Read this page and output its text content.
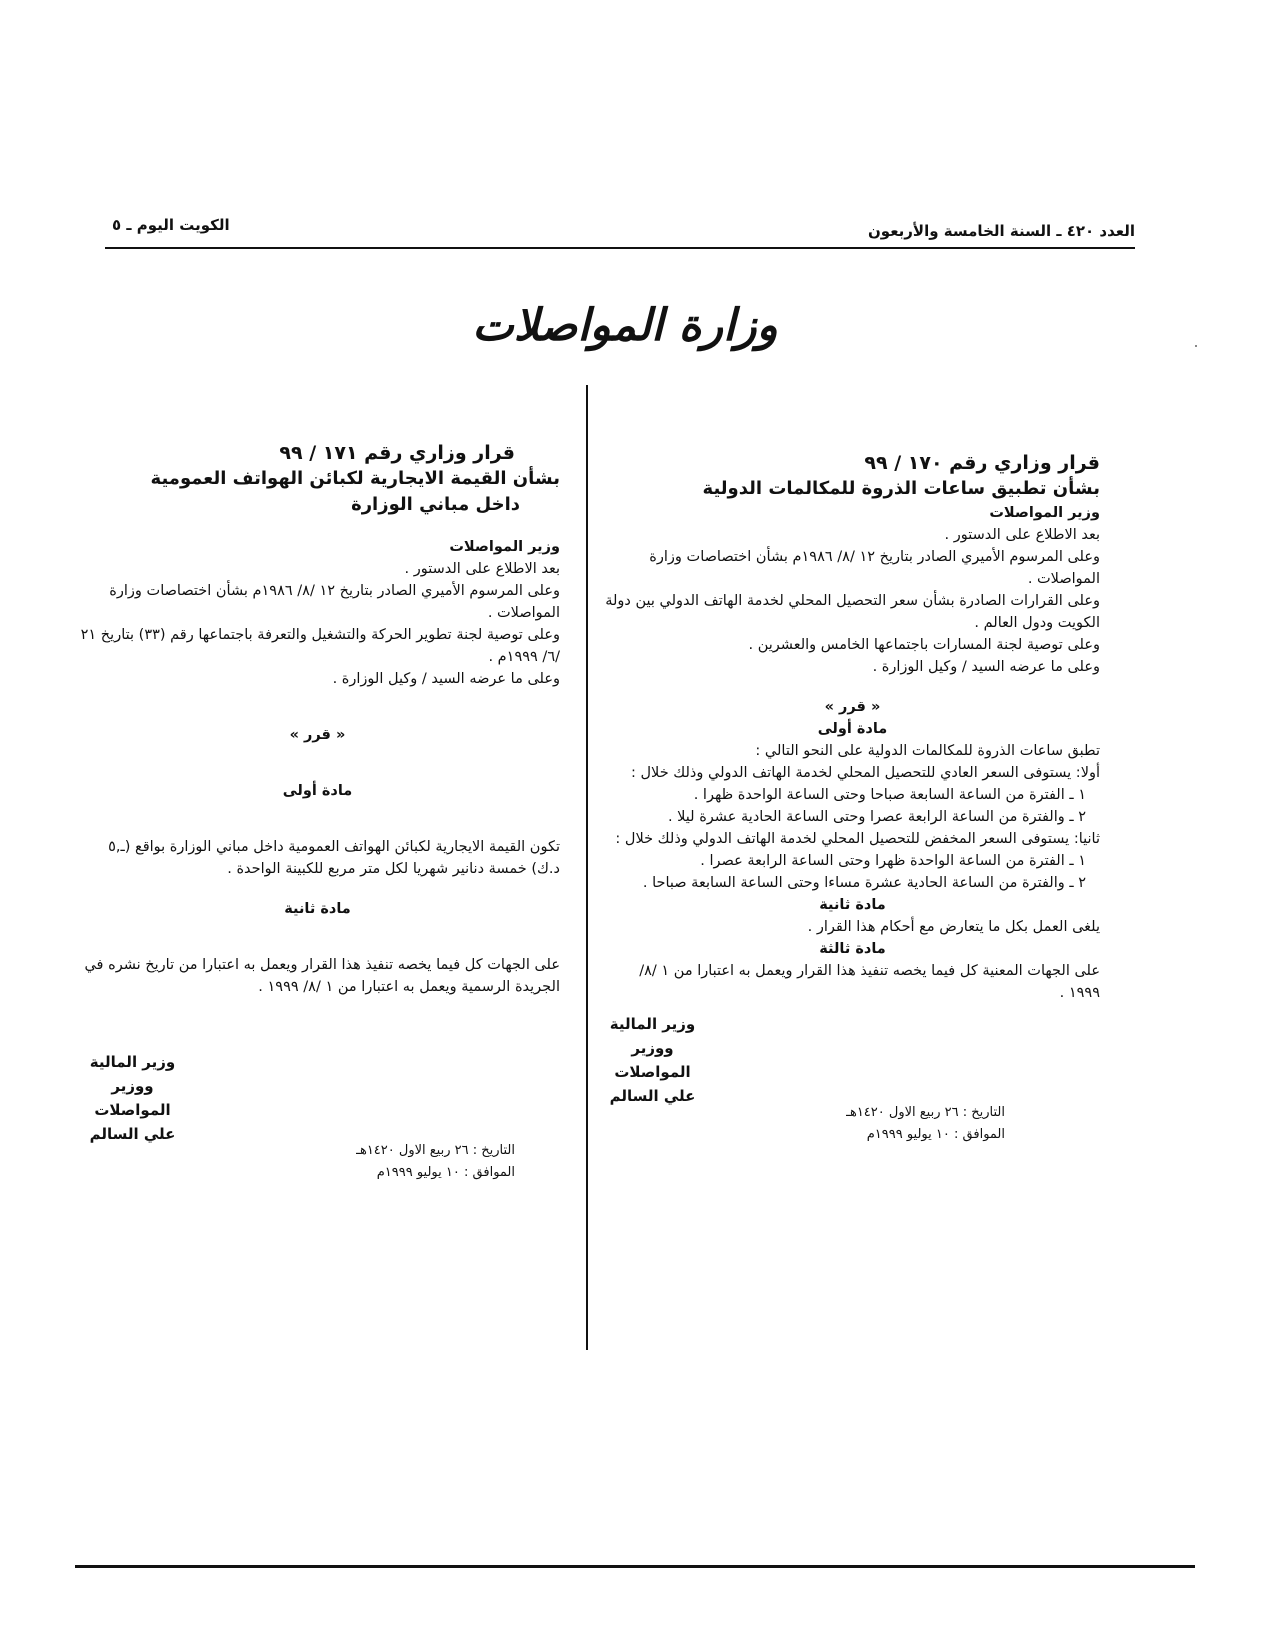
العدد ٤٢٠ ـ السنة الخامسة والأربعون
الكويت اليوم ـ ٥
وزارة المواصلات
قرار وزاري رقم ١٧٠ / ٩٩
بشأن تطبيق ساعات الذروة للمكالمات الدولية
وزير المواصلات

بعد الاطلاع على الدستور .

وعلى المرسوم الأميري الصادر بتاريخ ١٢ /٨/ ١٩٨٦م بشأن اختصاصات وزارة المواصلات .

وعلى القرارات الصادرة بشأن سعر التحصيل المحلي لخدمة الهاتف الدولي بين دولة الكويت ودول العالم .

وعلى توصية لجنة المسارات باجتماعها الخامس والعشرين .

وعلى ما عرضه السيد / وكيل الوزارة .

« قرر »
مادة أولى

تطبق ساعات الذروة للمكالمات الدولية على النحو التالي :

أولا: يستوفى السعر العادي للتحصيل المحلي لخدمة الهاتف الدولي وذلك خلال :

١ ـ الفترة من الساعة السابعة صباحا وحتى الساعة الواحدة ظهرا .

٢ ـ والفترة من الساعة الرابعة عصرا وحتى الساعة الحادية عشرة ليلا .

ثانيا: يستوفى السعر المخفض للتحصيل المحلي لخدمة الهاتف الدولي وذلك خلال :

١ ـ الفترة من الساعة الواحدة ظهرا وحتى الساعة الرابعة عصرا .

٢ ـ والفترة من الساعة الحادية عشرة مساءا وحتى الساعة السابعة صباحا .

مادة ثانية

يلغى العمل بكل ما يتعارض مع أحكام هذا القرار .

مادة ثالثة

على الجهات المعنية كل فيما يخصه تنفيذ هذا القرار ويعمل به اعتبارا من ١ /٨/ ١٩٩٩ .

وزير المالية
ووزير المواصلات
علي السالم
التاريخ : ٢٦ ربيع الاول ١٤٢٠هـ
الموافق : ١٠ يوليو ١٩٩٩م
قرار وزاري رقم ١٧١ / ٩٩
بشأن القيمة الايجارية لكبائن الهواتف العمومية
داخل مباني الوزارة
وزير المواصلات

بعد الاطلاع على الدستور .

وعلى المرسوم الأميري الصادر بتاريخ ١٢ /٨/ ١٩٨٦م بشأن اختصاصات وزارة المواصلات .

وعلى توصية لجنة تطوير الحركة والتشغيل والتعرفة باجتماعها رقم (٣٣) بتاريخ ٢١ /٦/ ١٩٩٩م .

وعلى ما عرضه السيد / وكيل الوزارة .

« قرر »
مادة أولى

تكون القيمة الايجارية لكبائن الهواتف العمومية داخل مباني الوزارة بواقع (ـ,٥ د.ك) خمسة دنانير شهريا لكل متر مربع للكبينة الواحدة .

مادة ثانية

على الجهات كل فيما يخصه تنفيذ هذا القرار ويعمل به اعتبارا من تاريخ نشره في الجريدة الرسمية ويعمل به اعتبارا من ١ /٨/ ١٩٩٩ .

وزير المالية
ووزير المواصلات
علي السالم
التاريخ : ٢٦ ربيع الاول ١٤٢٠هـ
الموافق : ١٠ يوليو ١٩٩٩م
